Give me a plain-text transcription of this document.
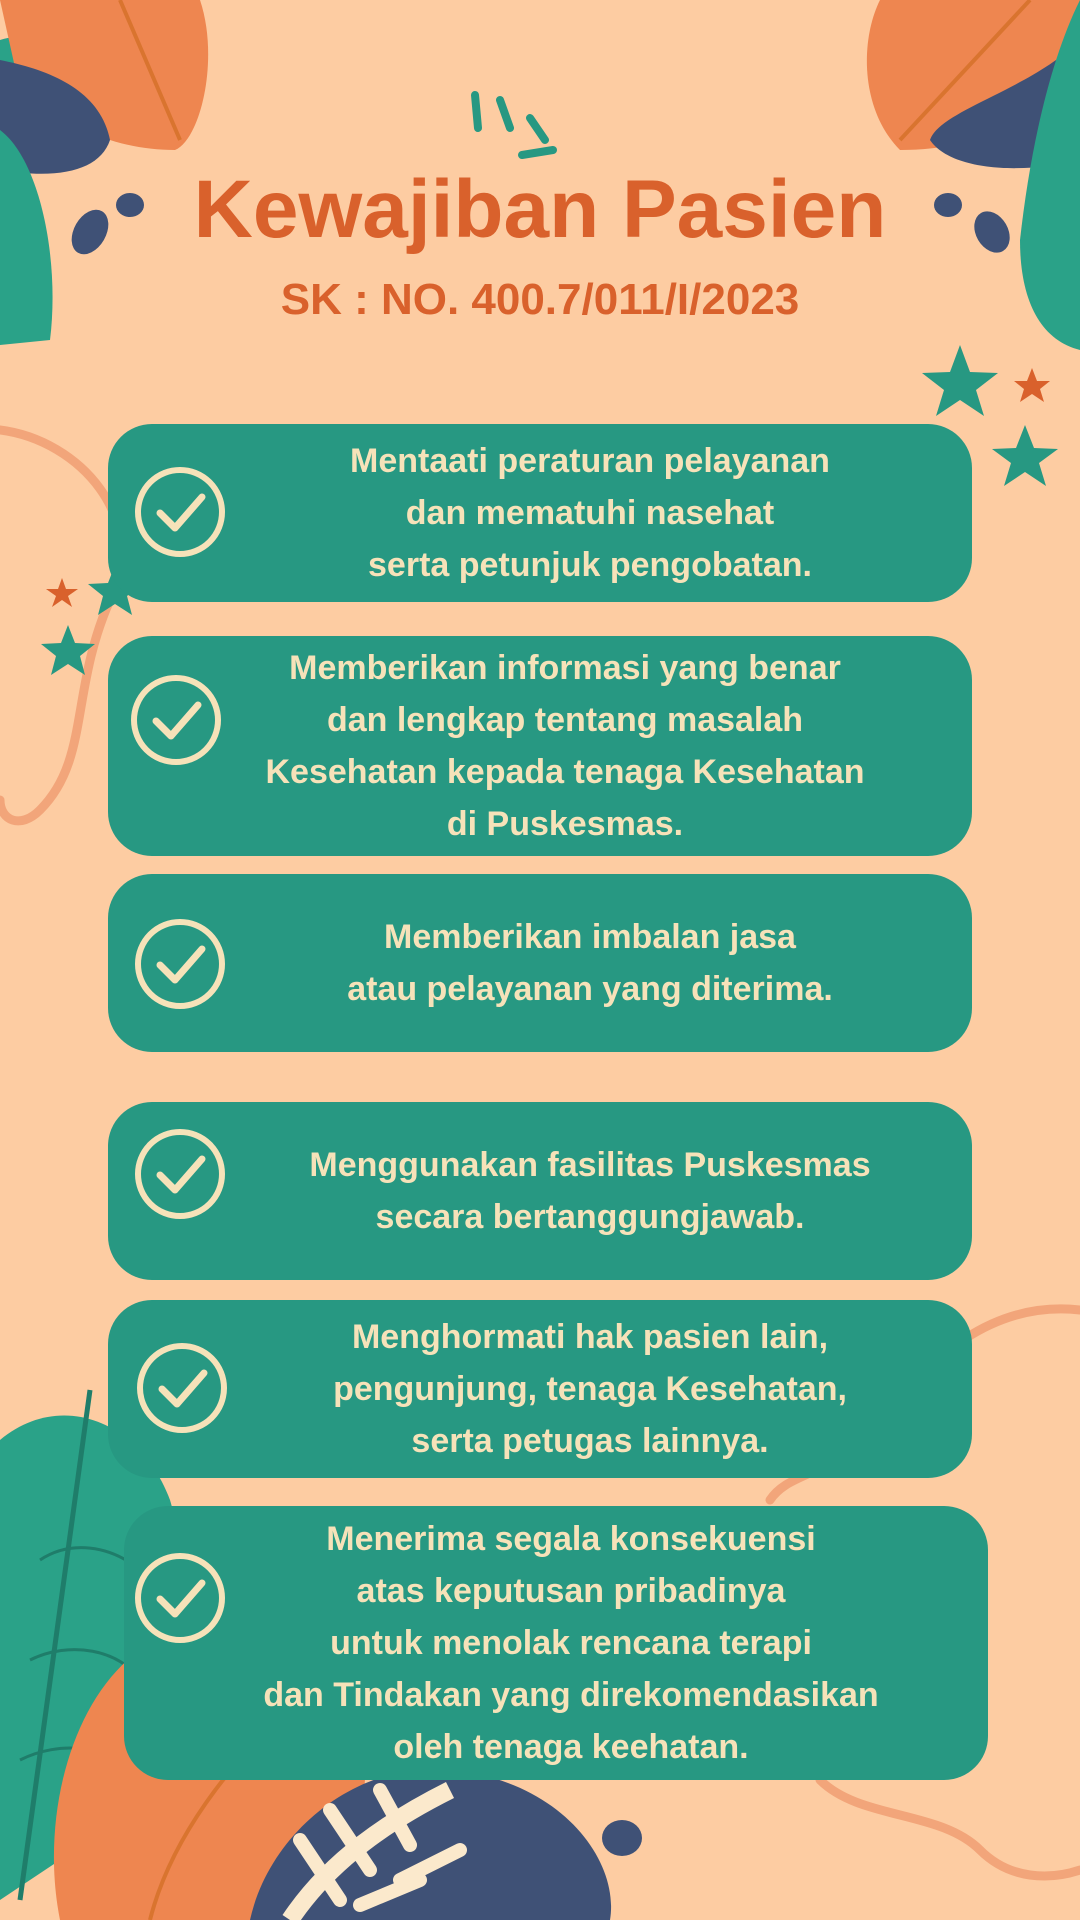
Kewajiban Pasien
SK : NO. 400.7/011/I/2023
Mentaati peraturan pelayanan
dan mematuhi nasehat
serta petunjuk pengobatan.
Memberikan informasi yang benar
dan lengkap tentang masalah
Kesehatan kepada tenaga Kesehatan
di Puskesmas.
Memberikan imbalan jasa
atau pelayanan yang diterima.
Menggunakan fasilitas Puskesmas
secara bertanggungjawab.
Menghormati hak pasien lain,
pengunjung, tenaga Kesehatan,
serta petugas lainnya.
Menerima segala konsekuensi
atas keputusan pribadinya
untuk menolak rencana terapi
dan Tindakan yang direkomendasikan
oleh tenaga keehatan.
